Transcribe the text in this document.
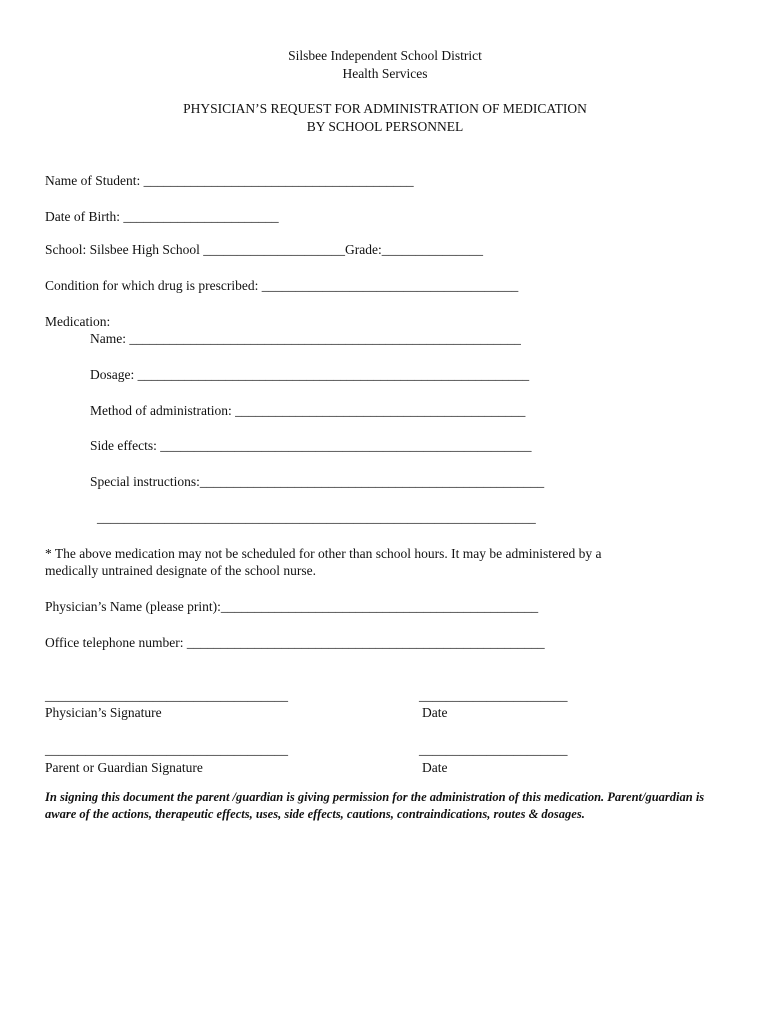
Silsbee Independent School District
Health Services
PHYSICIAN’S REQUEST FOR ADMINISTRATION OF MEDICATION
BY SCHOOL PERSONNEL
Name of Student: ________________________________________
Date of Birth: _______________________
School: Silsbee High School _____________________Grade:_______________
Condition for which drug is prescribed: ______________________________________
Medication:
Name: __________________________________________________________
Dosage: __________________________________________________________
Method of administration: ___________________________________________
Side effects: _______________________________________________________
Special instructions:___________________________________________________
_________________________________________________________________
* The above medication may not be scheduled for other than school hours. It may be administered by a
medically untrained designate of the school nurse.
Physician’s Name (please print):_______________________________________________
Office telephone number: _____________________________________________________
____________________________________	______________________
Physician’s Signature	Date
____________________________________	______________________
Parent or Guardian Signature	Date
In signing this document the parent /guardian is giving permission for the administration of this medication. Parent/guardian is aware of the actions, therapeutic effects, uses, side effects, cautions, contraindications, routes & dosages.
